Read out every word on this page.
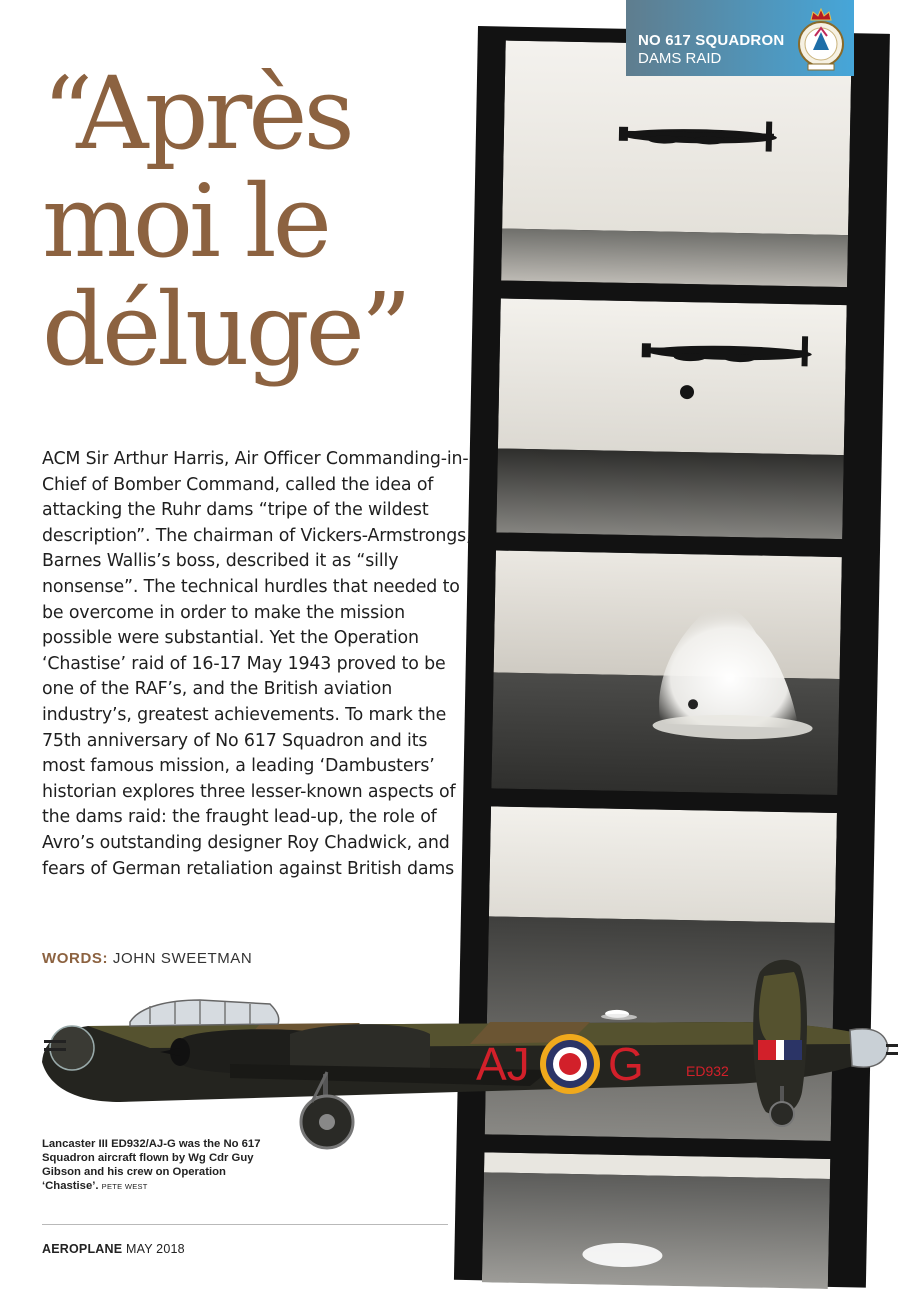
NO 617 SQUADRON
DAMS RAID
“Après
moi le
déluge”

ACM Sir Arthur Harris, Air Officer Commanding-in-Chief of Bomber Command, called the idea of attacking the Ruhr dams “tripe of the wildest description”. The chairman of Vickers-Armstrongs, Barnes Wallis’s boss, described it as “silly nonsense”. The technical hurdles that needed to be overcome in order to make the mission possible were substantial. Yet the Operation ‘Chastise’ raid of 16-17 May 1943 proved to be one of the RAF’s, and the British aviation industry’s, greatest achievements. To mark the 75th anniversary of No 617 Squadron and its most famous mission, a leading ‘Dambusters’ historian explores three lesser-known aspects of the dams raid: the fraught lead-up, the role of Avro’s outstanding designer Roy Chadwick, and fears of German retaliation against British dams

WORDS: JOHN SWEETMAN
AJ G	ED932
Lancaster III ED932/AJ-G was the No 617 Squadron aircraft flown by Wg Cdr Guy Gibson and his crew on Operation ‘Chastise’. PETE WEST
AEROPLANE MAY 2018
